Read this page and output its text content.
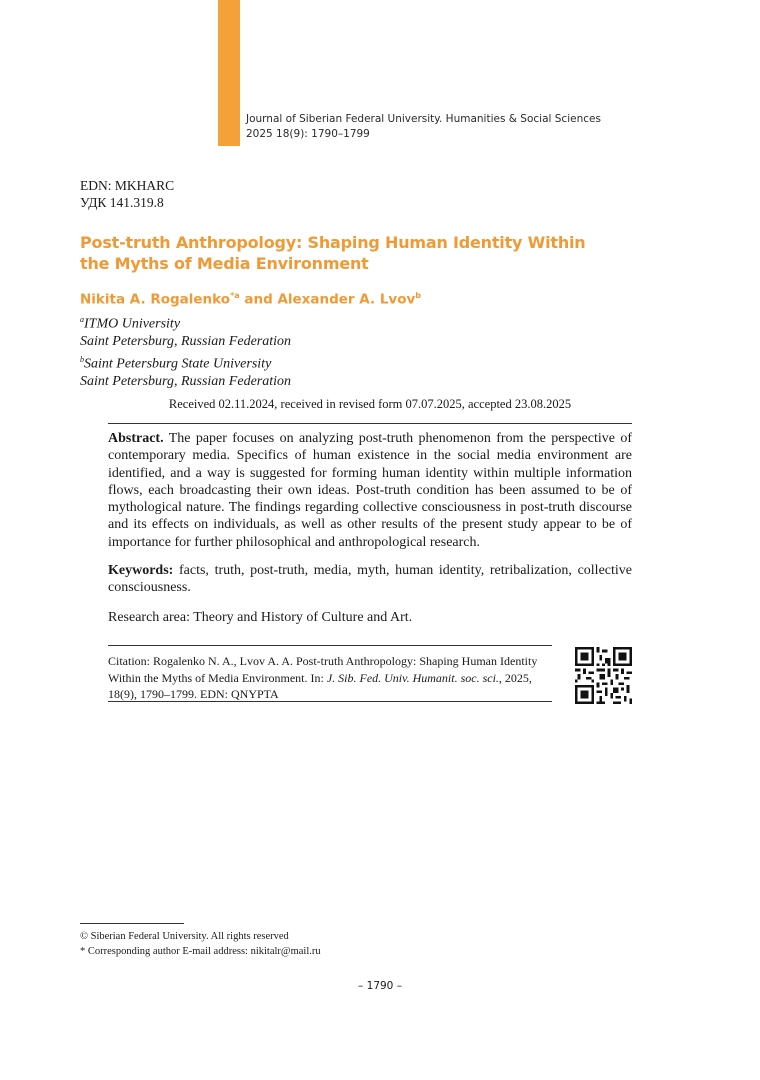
Journal of Siberian Federal University. Humanities & Social Sciences
2025 18(9): 1790–1799
EDN: MKHARC
УДК 141.319.8
Post-truth Anthropology: Shaping Human Identity Within
the Myths of Media Environment
Nikita A. Rogalenko$^{*a}$ and Alexander A. Lvov$^b$
$^a$ITMO University
Saint Petersburg, Russian Federation
$^b$Saint Petersburg State University
Saint Petersburg, Russian Federation
Received 02.11.2024, received in revised form 07.07.2025, accepted 23.08.2025
Abstract. The paper focuses on analyzing post-truth phenomenon from the perspective of contemporary media. Specifics of human existence in the social media environment are identified, and a way is suggested for forming human identity within multiple information flows, each broadcasting their own ideas. Post-truth condition has been assumed to be of mythological nature. The findings regarding collective consciousness in post-truth discourse and its effects on individuals, as well as other results of the present study appear to be of importance for further philosophical and anthropological research.
Keywords: facts, truth, post-truth, media, myth, human identity, retribalization, collective consciousness.
Research area: Theory and History of Culture and Art.
Citation: Rogalenko N. A., Lvov A. A. Post-truth Anthropology: Shaping Human Identity Within the Myths of Media Environment. In: J. Sib. Fed. Univ. Humanit. soc. sci., 2025, 18(9), 1790–1799. EDN: QNYPTA
© Siberian Federal University. All rights reserved
* Corresponding author E-mail address: nikitalr@mail.ru
– 1790 –
